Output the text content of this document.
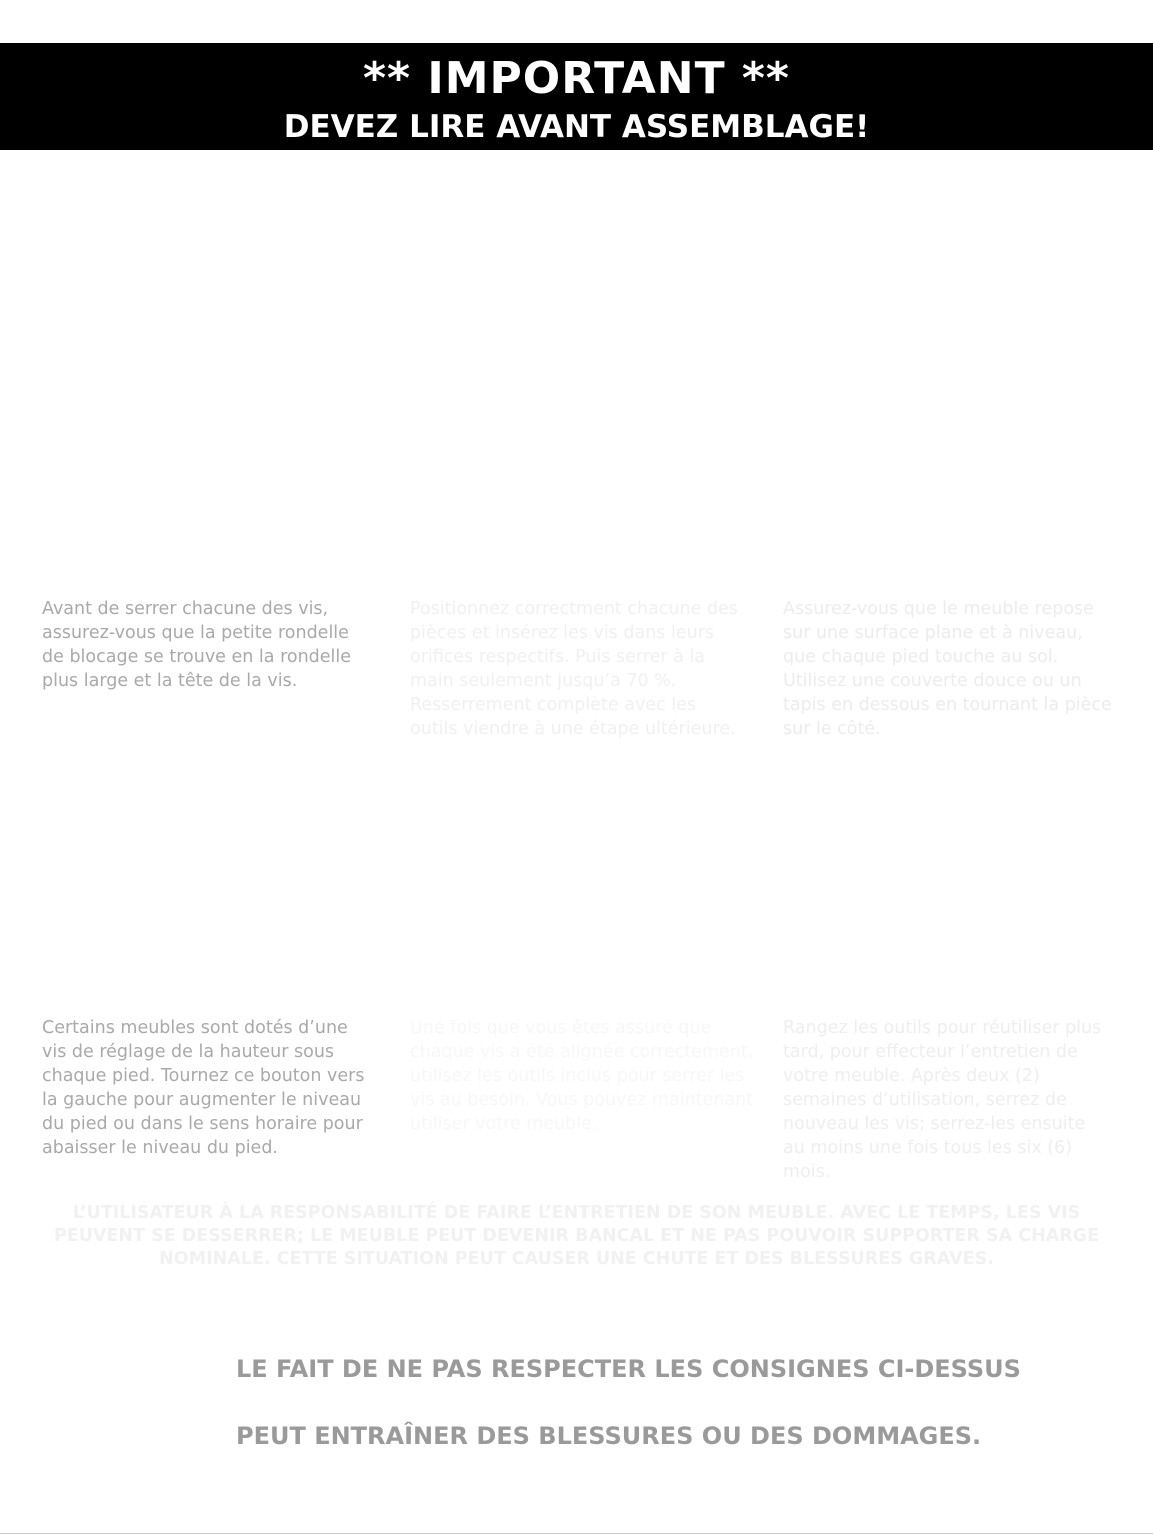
** IMPORTANT **
DEVEZ LIRE AVANT ASSEMBLAGE!

Avant de serrer chacune des vis,
assurez-vous que la petite rondelle
de blocage se trouve en la rondelle
plus large et la tête de la vis.

Positionnez correctment chacune des
pièces et insérez les vis dans leurs
orifices respectifs. Puis serrer à la
main seulement jusqu’a 70 %.
Resserrement complète avec les
outils viendre à une étape ultérieure.

Assurez-vous que le meuble repose
sur une surface plane et à niveau,
que chaque pied touche au sol.
Utilisez une couverte douce ou un
tapis en dessous en tournant la pièce
sur le côté.

Certains meubles sont dotés d’une
vis de réglage de la hauteur sous
chaque pied. Tournez ce bouton vers
la gauche pour augmenter le niveau
du pied ou dans le sens horaire pour
abaisser le niveau du pied.

Une fois que vous êtes assuré que
chaque vis a été alignée correctement,
utilisez les outils inclus pour serrer les
vis au besoin. Vous pouvez maintenant
utiliser votre meuble.

Rangez les outils pour réutiliser plus
tard, pour effecteur l’entretien de
votre meuble. Après deux (2)
semaines d’utilisation, serrez de
nouveau les vis; serrez-les ensuite
au moins une fois tous les six (6)
mois.

L’UTILISATEUR À LA RESPONSABILITÉ DE FAIRE L’ENTRETIEN DE SON MEUBLE. AVEC LE TEMPS, LES VIS PEUVENT SE DESSERRER; LE MEUBLE PEUT DEVENIR BANCAL ET NE PAS POUVOIR SUPPORTER SA CHARGE NOMINALE. CETTE SITUATION PEUT CAUSER UNE CHUTE ET DES BLESSURES GRAVES.

LE FAIT DE NE PAS RESPECTER LES CONSIGNES CI-DESSUS

PEUT ENTRAÎNER DES BLESSURES OU DES DOMMAGES.
